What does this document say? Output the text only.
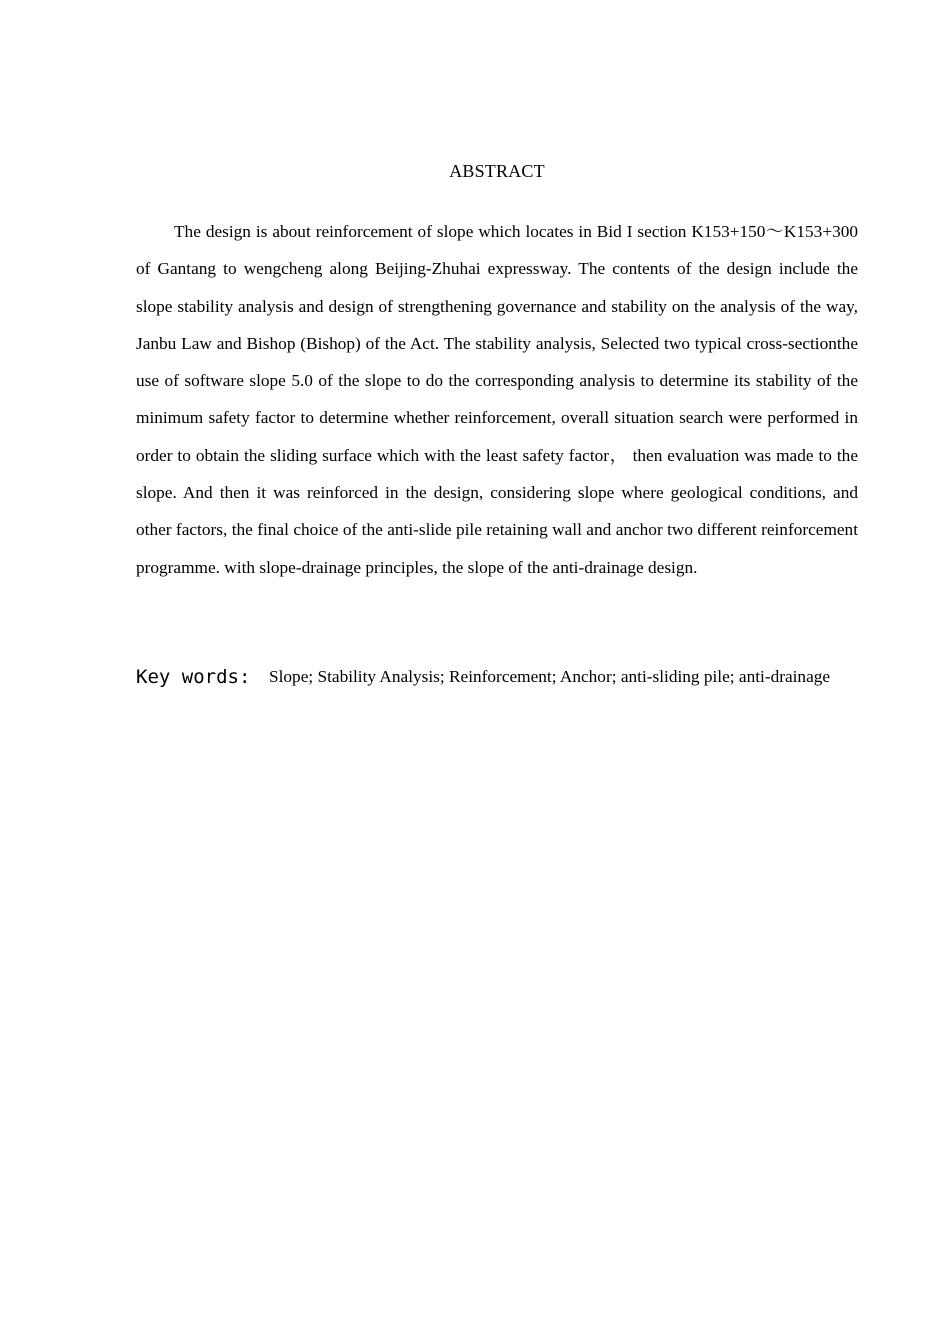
ABSTRACT

The design is about reinforcement of slope which locates in Bid I section K153+150～K153+300 of Gantang to wengcheng along Beijing-Zhuhai expressway. The contents of the design include the slope stability analysis and design of strengthening governance and stability on the analysis of the way, Janbu Law and Bishop (Bishop) of the Act. The stability analysis, Selected two typical cross-sectionthe use of software slope 5.0 of the slope to do the corresponding analysis to determine its stability of the minimum safety factor to determine whether reinforcement, overall situation search were performed in order to obtain the sliding surface which with the least safety factor， then evaluation was made to the slope. And then it was reinforced in the design, considering slope where geological conditions, and other factors, the final choice of the anti-slide pile retaining wall and anchor two different reinforcement programme. with slope-drainage principles, the slope of the anti-drainage design.

Key words:	Slope; Stability Analysis; Reinforcement; Anchor; anti-sliding pile; anti-drainage
